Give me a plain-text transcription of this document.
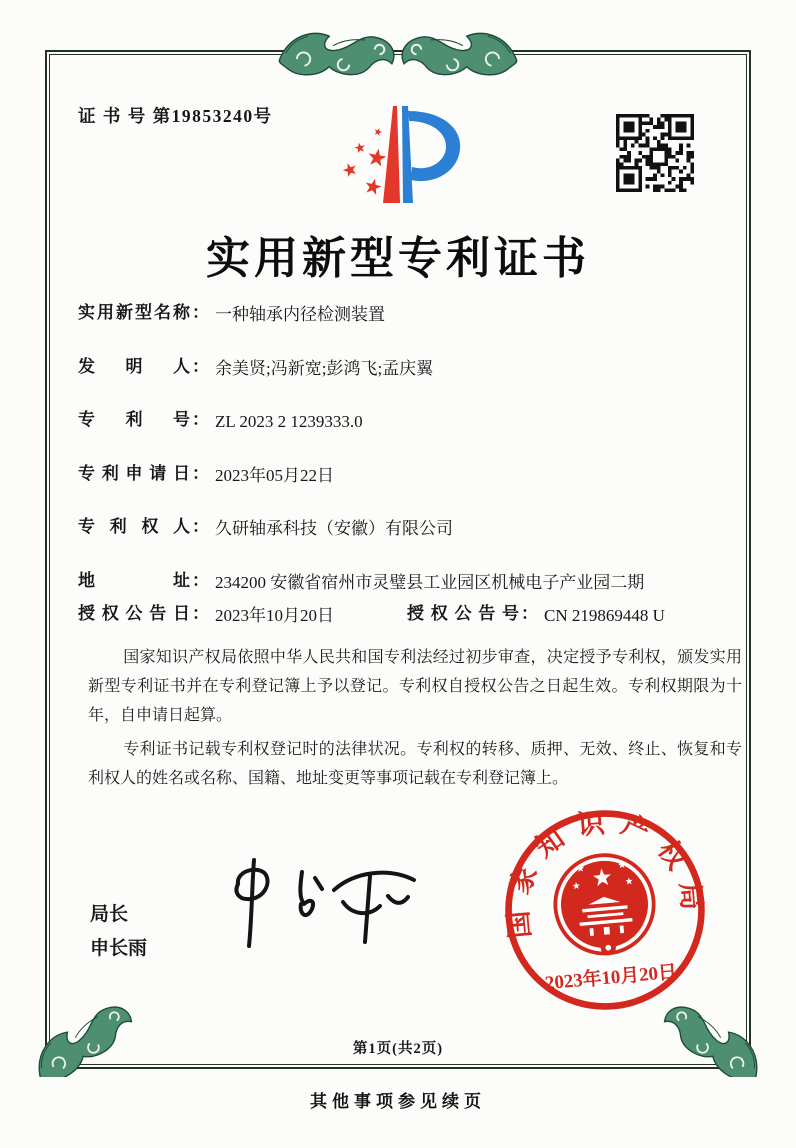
证 书 号 第19853240号
实用新型专利证书
实用新型名称 ： 一种轴承内径检测装置
发明人 ： 余美贤;冯新宽;彭鸿飞;孟庆翼
专利号 ： ZL 2023 2 1239333.0
专利申请日 ： 2023年05月22日
专利权人 ： 久研轴承科技（安徽）有限公司
地址 ： 234200 安徽省宿州市灵璧县工业园区机械电子产业园二期
授权公告日 ： 2023年10月20日	授权公告号 ： CN 219869448 U

国家知识产权局依照中华人民共和国专利法经过初步审查，决定授予专利权，颁发实用新型专利证书并在专利登记簿上予以登记。专利权自授权公告之日起生效。专利权期限为十年，自申请日起算。

专利证书记载专利权登记时的法律状况。专利权的转移、质押、无效、终止、恢复和专利权人的姓名或名称、国籍、地址变更等事项记载在专利登记簿上。

局长
申长雨
国家知识产权局
2023年10月20日
第1页(共2页)
其他事项参见续页
